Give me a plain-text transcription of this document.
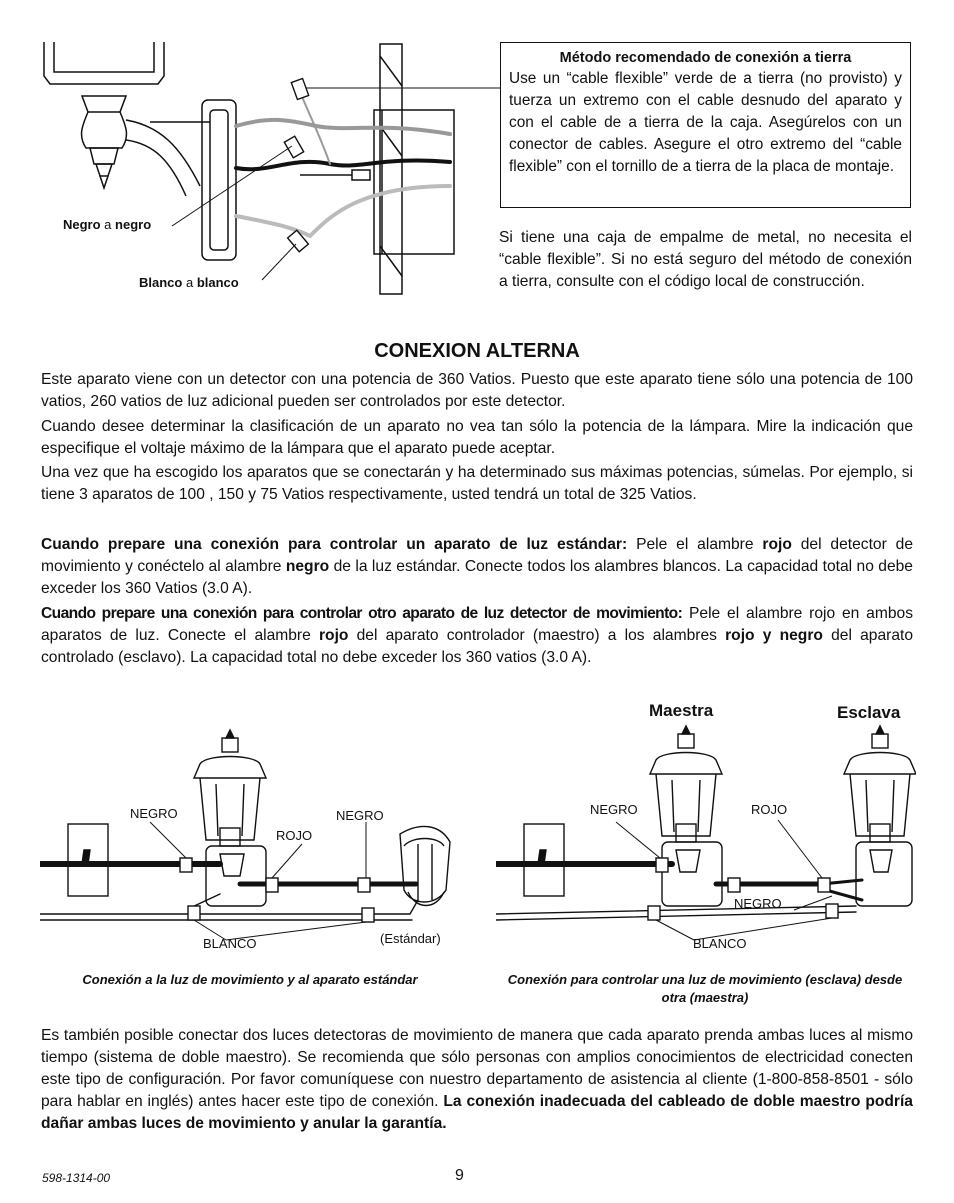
Negro a negro
Blanco a blanco
Método recomendado de conexión a tierra
Use un “cable flexible” verde de a tierra (no provisto) y tuerza un extremo con el cable desnudo del aparato y con el cable de a tierra de la caja. Asegúrelos con un conector de cables. Asegure el otro extremo del “cable flexible” con el tornillo de a tierra de la placa de montaje.
Si tiene una caja de empalme de metal, no necesita el “cable flexible”. Si no está seguro del método de conexión a tierra, consulte con el código local de construcción.
CONEXION ALTERNA

Este aparato viene con un detector con una potencia de 360 Vatios. Puesto que este aparato tiene sólo una potencia de 100 vatios, 260 vatios de luz adicional pueden ser controlados por este detector.

Cuando desee determinar la clasificación de un aparato no vea tan sólo la potencia de la lámpara. Mire la indicación que especifique el voltaje máximo de la lámpara que el aparato puede aceptar.

Una vez que ha escogido los aparatos que se conectarán y ha determinado sus máximas potencias, súmelas. Por ejemplo, si tiene 3 aparatos de 100 , 150 y 75 Vatios respectivamente, usted tendrá un total de 325 Vatios.

Cuando prepare una conexión para controlar un aparato de luz estándar: Pele el alambre rojo del detector de movimiento y conéctelo al alambre negro de la luz estándar. Conecte todos los alambres blancos. La capacidad total no debe exceder los 360 Vatios (3.0 A).

Cuando prepare una conexión para controlar otro aparato de luz detector de movimiento: Pele el alambre rojo en ambos aparatos de luz. Conecte el alambre rojo del aparato controlador (maestro) a los alambres rojo y negro del aparato controlado (esclavo). La capacidad total no debe exceder los 360 vatios (3.0 A).

NEGRO
ROJO
NEGRO
BLANCO	(Estándar)
Conexión a la luz de movimiento y al aparato estándar
Maestra	Esclava
NEGRO	ROJO
NEGRO
BLANCO
Conexión para controlar una luz de movimiento (esclava) desde otra (maestra)

Es también posible conectar dos luces detectoras de movimiento de manera que cada aparato prenda ambas luces al mismo tiempo (sistema de doble maestro). Se recomienda que sólo personas con amplios conocimientos de electricidad conecten este tipo de configuración. Por favor comuníquese con nuestro departamento de asistencia al cliente (1-800-858-8501 - sólo para hablar en inglés) antes hacer este tipo de conexión. La conexión inadecuada del cableado de doble maestro podría dañar ambas luces de movimiento y anular la garantía.

598-1314-00	9
